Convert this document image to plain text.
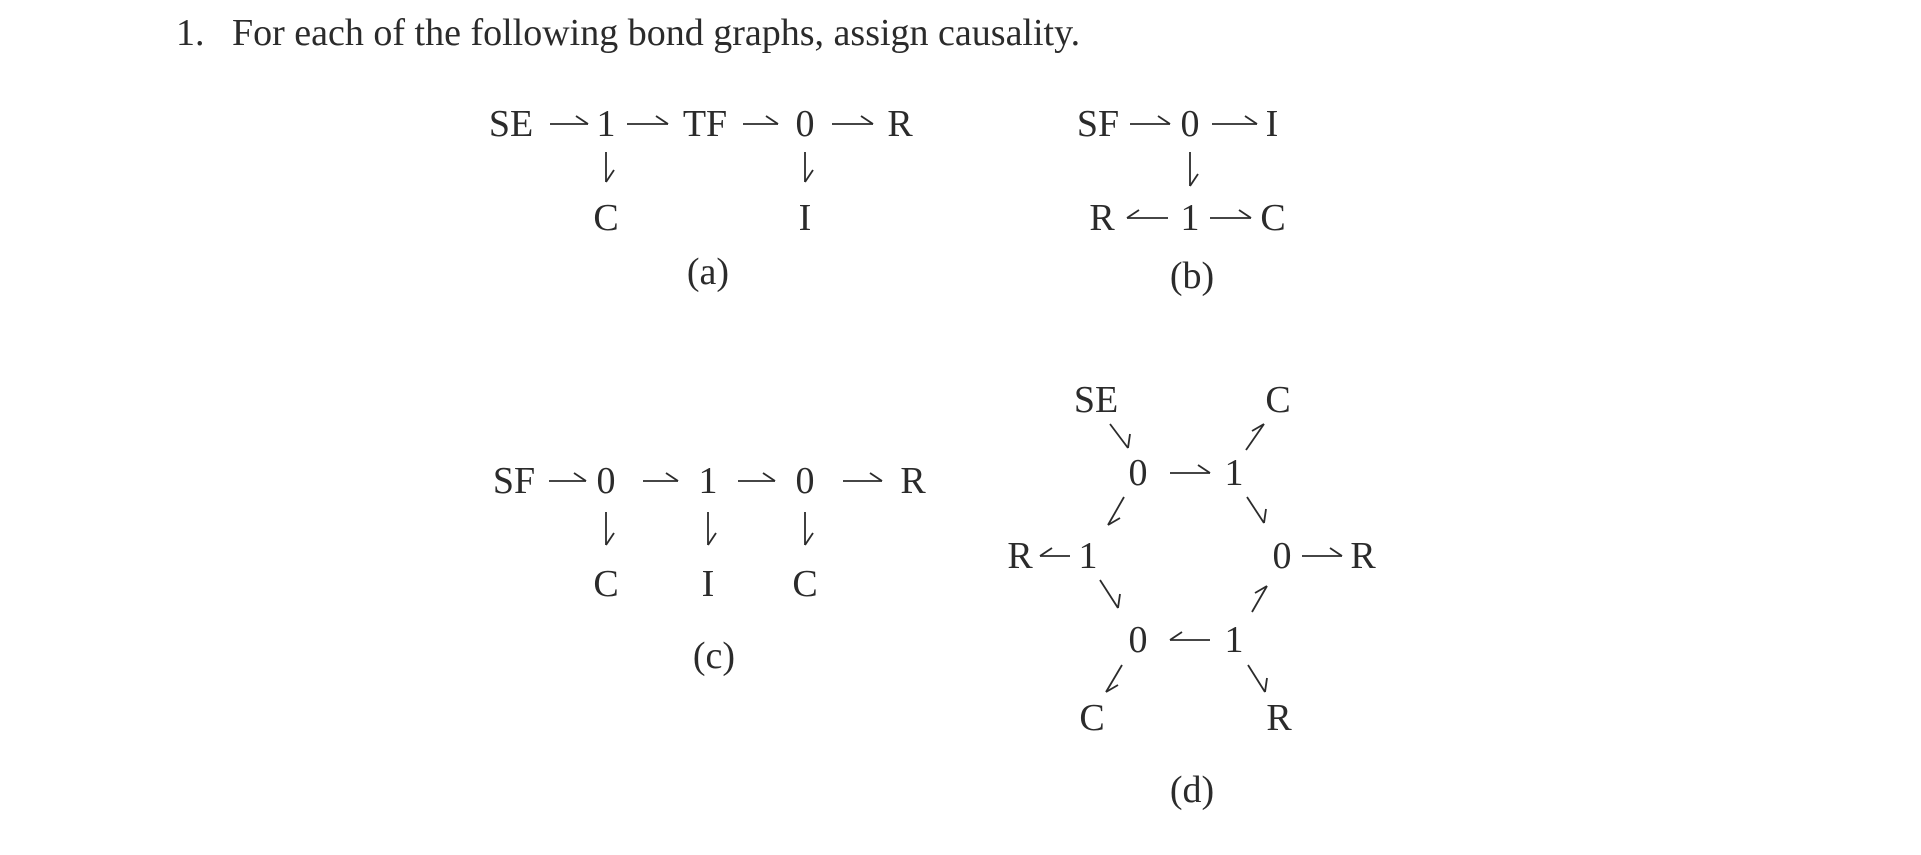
1. For each of the following bond graphs, assign causality.
SE 1 TF 0 R
C	I
(a)
SF 0 I
R 1 C
(b)
SF 0 1 0 R
C I C
(c)
SE	C
0 1
R 1	0 R
0 1
C	R
(d)
